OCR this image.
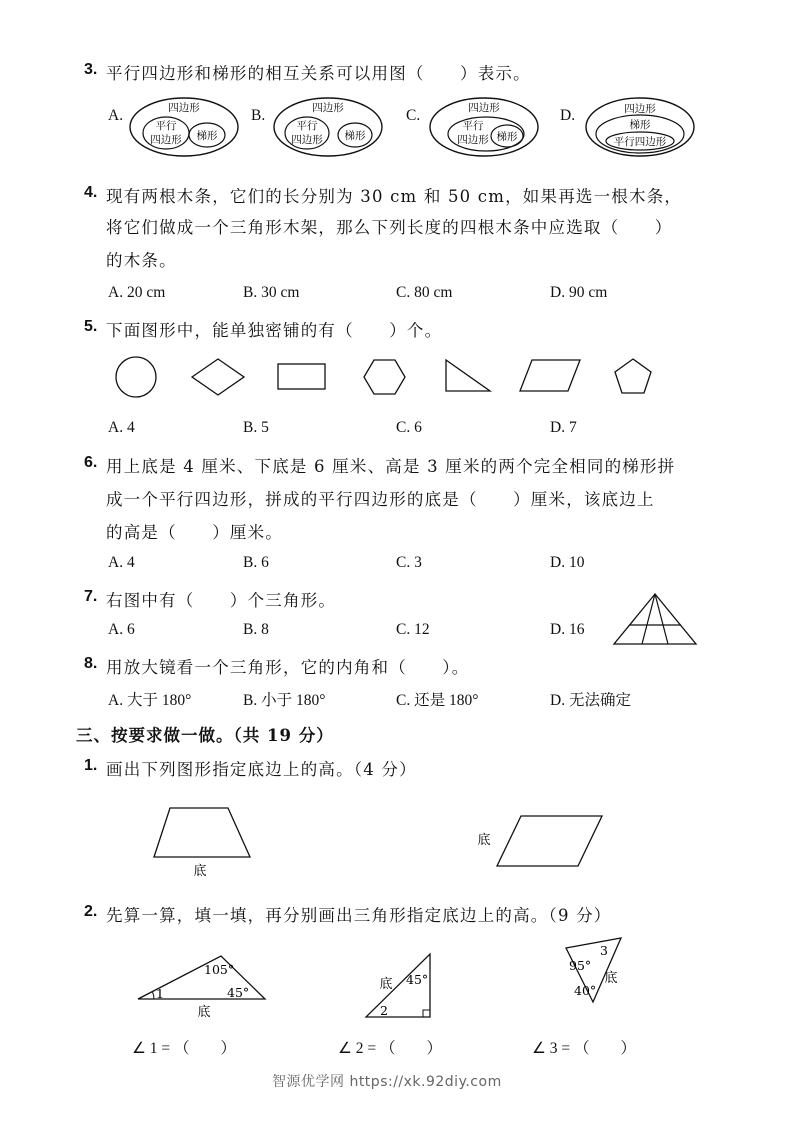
3. 平行四边形和梯形的相互关系可以用图（　　）表示。
A.	B.	C.	D.
四边形
平行
四边形 梯形
四边形
平行
四边形 梯形
四边形
平行
四边形 梯形
四边形
梯形
平行四边形
4. 现有两根木条，它们的长分别为 30 cm 和 50 cm，如果再选一根木条，
将它们做成一个三角形木架，那么下列长度的四根木条中应选取（　　）
的木条。
A. 20 cm	B. 30 cm	C. 80 cm	D. 90 cm
5. 下面图形中，能单独密铺的有（　　）个。
A. 4	B. 5	C. 6	D. 7
6. 用上底是 4 厘米、下底是 6 厘米、高是 3 厘米的两个完全相同的梯形拼
成一个平行四边形，拼成的平行四边形的底是（　　）厘米，该底边上
的高是（　　）厘米。
A. 4	B. 6	C. 3	D. 10
7. 右图中有（　　）个三角形。
A. 6	B. 8	C. 12	D. 16
8. 用放大镜看一个三角形，它的内角和（　　）。
A. 大于 180°	B. 小于 180°	C. 还是 180°	D. 无法确定
三、按要求做一做。（共 19 分）
1. 画出下列图形指定底边上的高。（4 分）
底
底
2. 先算一算，填一填，再分别画出三角形指定底边上的高。（9 分）
1
105°
45°
底
45°
2
底
95°
3
40°
底
∠ 1 = （　　）	∠ 2 = （　　）	∠ 3 = （　　）
智源优学网 https://xk.92diy.com
